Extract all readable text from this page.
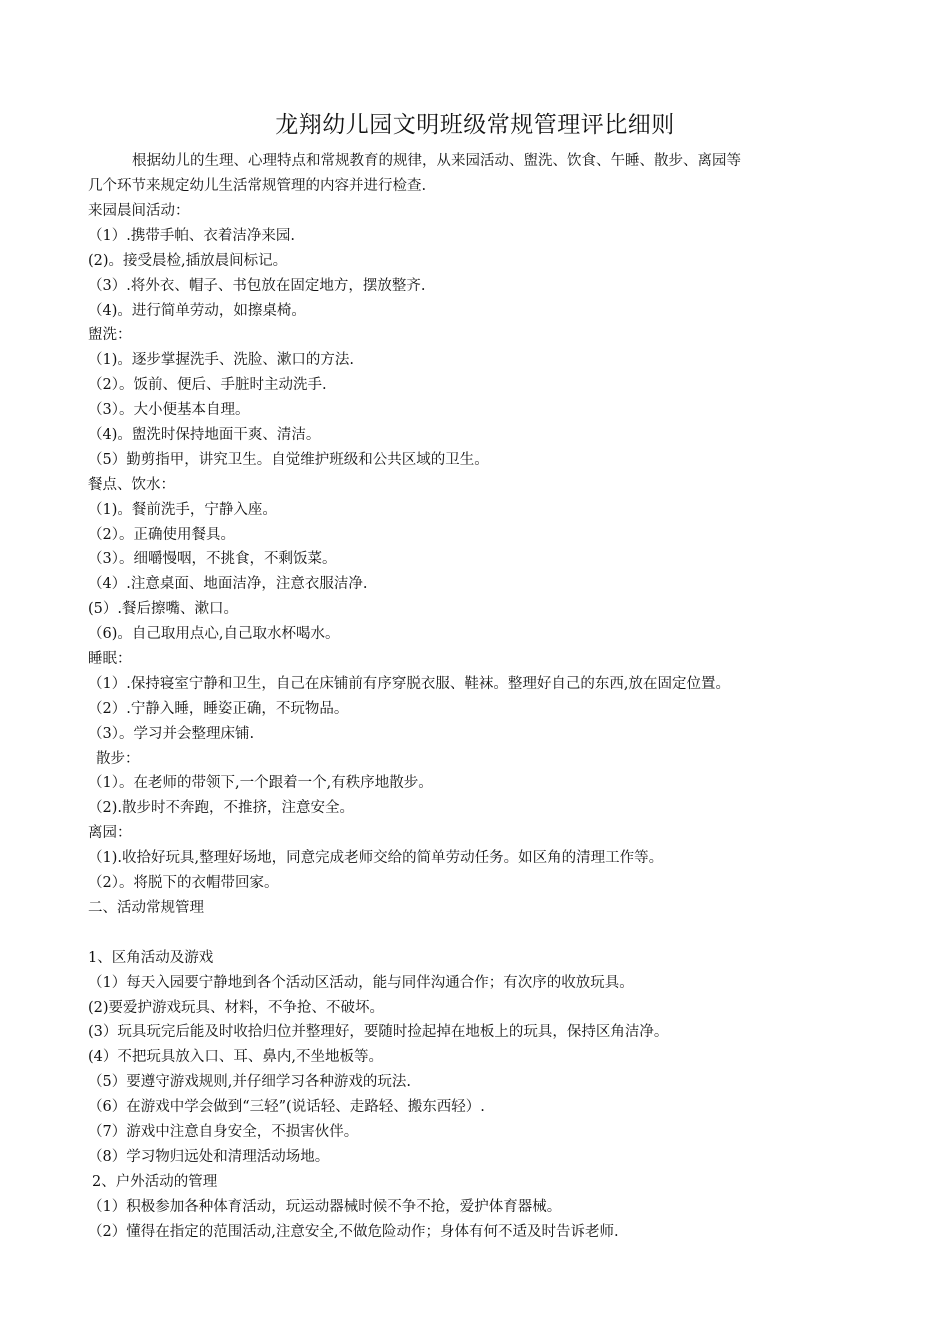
龙翔幼儿园文明班级常规管理评比细则
根据幼儿的生理、心理特点和常规教育的规律，从来园活动、盥洗、饮食、午睡、散步、离园等
几个环节来规定幼儿生活常规管理的内容并进行检查.
来园晨间活动：
（1）.携带手帕、衣着洁净来园.
(2)。接受晨检,插放晨间标记。
（3）.将外衣、帽子、书包放在固定地方，摆放整齐.
（4)。进行简单劳动，如擦桌椅。
盥洗：
（1)。逐步掌握洗手、洗脸、漱口的方法.
（2）。饭前、便后、手脏时主动洗手.
（3）。大小便基本自理。
（4)。盥洗时保持地面干爽、清洁。
（5）勤剪指甲，讲究卫生。自觉维护班级和公共区域的卫生。
餐点、饮水：
（1)。餐前洗手，宁静入座。
（2）。正确使用餐具。
（3）。细嚼慢咽，不挑食，不剩饭菜。
（4）.注意桌面、地面洁净，注意衣服洁净.
(5）.餐后擦嘴、漱口。
（6)。自己取用点心,自己取水杯喝水。
睡眠：
（1）.保持寝室宁静和卫生，自己在床铺前有序穿脱衣服、鞋袜。整理好自己的东西,放在固定位置。
（2）.宁静入睡，睡姿正确，不玩物品。
（3）。学习并会整理床铺.
散步：
（1）。在老师的带领下,一个跟着一个,有秩序地散步。
（2).散步时不奔跑，不推挤，注意安全。
离园：
（1).收拾好玩具,整理好场地，同意完成老师交给的简单劳动任务。如区角的清理工作等。
（2）。将脱下的衣帽带回家。
二、活动常规管理
1、区角活动及游戏
（1）每天入园要宁静地到各个活动区活动，能与同伴沟通合作；有次序的收放玩具。
(2)要爱护游戏玩具、材料，不争抢、不破坏。
(3）玩具玩完后能及时收拾归位并整理好，要随时捡起掉在地板上的玩具，保持区角洁净。
(4）不把玩具放入口、耳、鼻内,不坐地板等。
（5）要遵守游戏规则,并仔细学习各种游戏的玩法.
（6）在游戏中学会做到“三轻”(说话轻、走路轻、搬东西轻）.
（7）游戏中注意自身安全，不损害伙伴。
（8）学习物归远处和清理活动场地。
2、户外活动的管理
（1）积极参加各种体育活动，玩运动器械时候不争不抢，爱护体育器械。
（2）懂得在指定的范围活动,注意安全,不做危险动作；身体有何不适及时告诉老师.
